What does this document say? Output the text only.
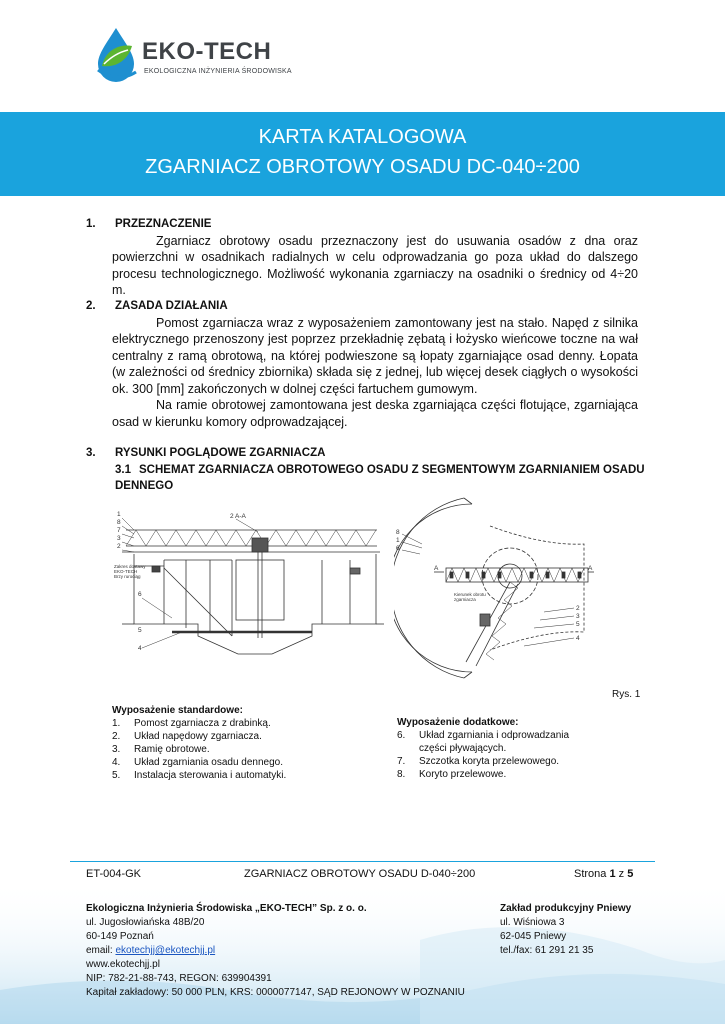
EKO-TECH
EKOLOGICZNA INŻYNIERIA ŚRODOWISKA
KARTA KATALOGOWA
ZGARNIACZ OBROTOWY OSADU DC-040÷200
1. PRZEZNACZENIE
Zgarniacz obrotowy osadu przeznaczony jest do usuwania osadów z dna oraz powierzchni w osadnikach radialnych w celu odprowadzania go poza układ do dalszego procesu technologicznego. Możliwość wykonania zgarniaczy na osadniki o średnicy od 4÷20 m.
2. ZASADA DZIAŁANIA
Pomost zgarniacza wraz z wyposażeniem zamontowany jest na stało. Napęd z silnika elektrycznego przenoszony jest poprzez przekładnię zębatą i łożysko wieńcowe toczne na wał centralny z ramą obrotową, na której podwieszone są łopaty zgarniające osad denny. Łopata (w zależności od średnicy zbiornika) składa się z jednej, lub więcej desek ciągłych o wysokości ok. 300 [mm] zakończonych w dolnej części fartuchem gumowym.
Na ramie obrotowej zamontowana jest deska zgarniająca części flotujące, zgarniająca osad w kierunku komory odprowadzającej.
3. RYSUNKI POGLĄDOWE ZGARNIACZA
3.1 SCHEMAT ZGARNIACZA OBROTOWEGO OSADU Z SEGMENTOWYM ZGARNIANIEM OSADU DENNEGO
1
8
7
3
2
6
5
4
2 A-A
Zakres dostawy
EKO-TECH
Brzy rurociąg
8
1
6
2
3
5
4
A	A
Kierunek obrotu
zgarniacza
Rys. 1
Wyposażenie standardowe:
1. Pomost zgarniacza z drabinką.
2. Układ napędowy zgarniacza.
3. Ramię obrotowe.
4. Układ zgarniania osadu dennego.
5. Instalacja sterowania i automatyki.
Wyposażenie dodatkowe:
6. Układ zgarniania i odprowadzania części pływających.
7. Szczotka koryta przelewowego.
8. Koryto przelewowe.
ET-004-GK	ZGARNIACZ OBROTOWY OSADU D-040÷200	Strona 1 z 5
Ekologiczna Inżynieria Środowiska „EKO-TECH” Sp. z o. o.
ul. Jugosłowiańska 48B/20
60-149 Poznań
email: ekotechjj@ekotechjj.pl
www.ekotechjj.pl
NIP: 782-21-88-743, REGON: 639904391
Kapitał zakładowy: 50 000 PLN, KRS: 0000077147, SĄD REJONOWY W POZNANIU
Zakład produkcyjny Pniewy
ul. Wiśniowa 3
62-045 Pniewy
tel./fax: 61 291 21 35
